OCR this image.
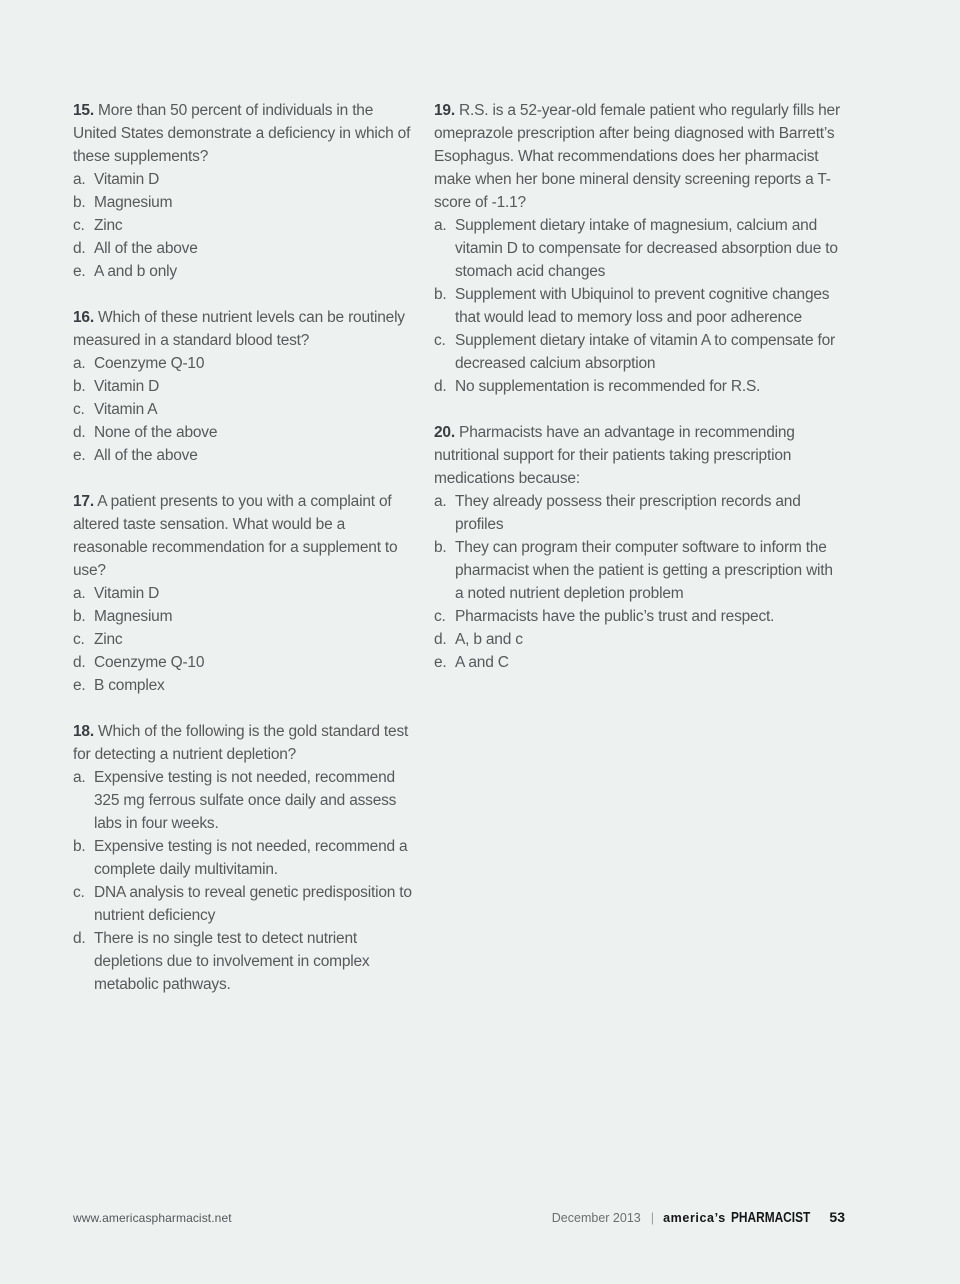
15. More than 50 percent of individuals in the United States demonstrate a deficiency in which of these supplements?

a. Vitamin D
b. Magnesium
c. Zinc
d. All of the above
e. A and b only

16. Which of these nutrient levels can be routinely measured in a standard blood test?

a. Coenzyme Q-10
b. Vitamin D
c. Vitamin A
d. None of the above
e. All of the above

17. A patient presents to you with a complaint of altered taste sensation. What would be a reasonable recommendation for a supplement to use?

a. Vitamin D
b. Magnesium
c. Zinc
d. Coenzyme Q-10
e. B complex

18. Which of the following is the gold standard test for detecting a nutrient depletion?

a. Expensive testing is not needed, recommend 325 mg ferrous sulfate once daily and assess labs in four weeks.
b. Expensive testing is not needed, recommend a complete daily multivitamin.
c. DNA analysis to reveal genetic predisposition to nutrient deficiency
d. There is no single test to detect nutrient depletions due to involvement in complex metabolic pathways.

19. R.S. is a 52-year-old female patient who regularly fills her omeprazole prescription after being diagnosed with Barrett’s Esophagus. What recommendations does her pharmacist make when her bone mineral density screening reports a T-score of -1.1?

a. Supplement dietary intake of magnesium, calcium and vitamin D to compensate for decreased absorption due to stomach acid changes
b. Supplement with Ubiquinol to prevent cognitive changes that would lead to memory loss and poor adherence
c. Supplement dietary intake of vitamin A to compensate for decreased calcium absorption
d. No supplementation is recommended for R.S.

20. Pharmacists have an advantage in recommending nutritional support for their patients taking prescription medications because:

a. They already possess their prescription records and profiles
b. They can program their computer software to inform the pharmacist when the patient is getting a prescription with a noted nutrient depletion problem
c. Pharmacists have the public’s trust and respect.
d. A, b and c
e. A and C
www.americaspharmacist.net	December 2013 | america’s PHARMACIST 53
